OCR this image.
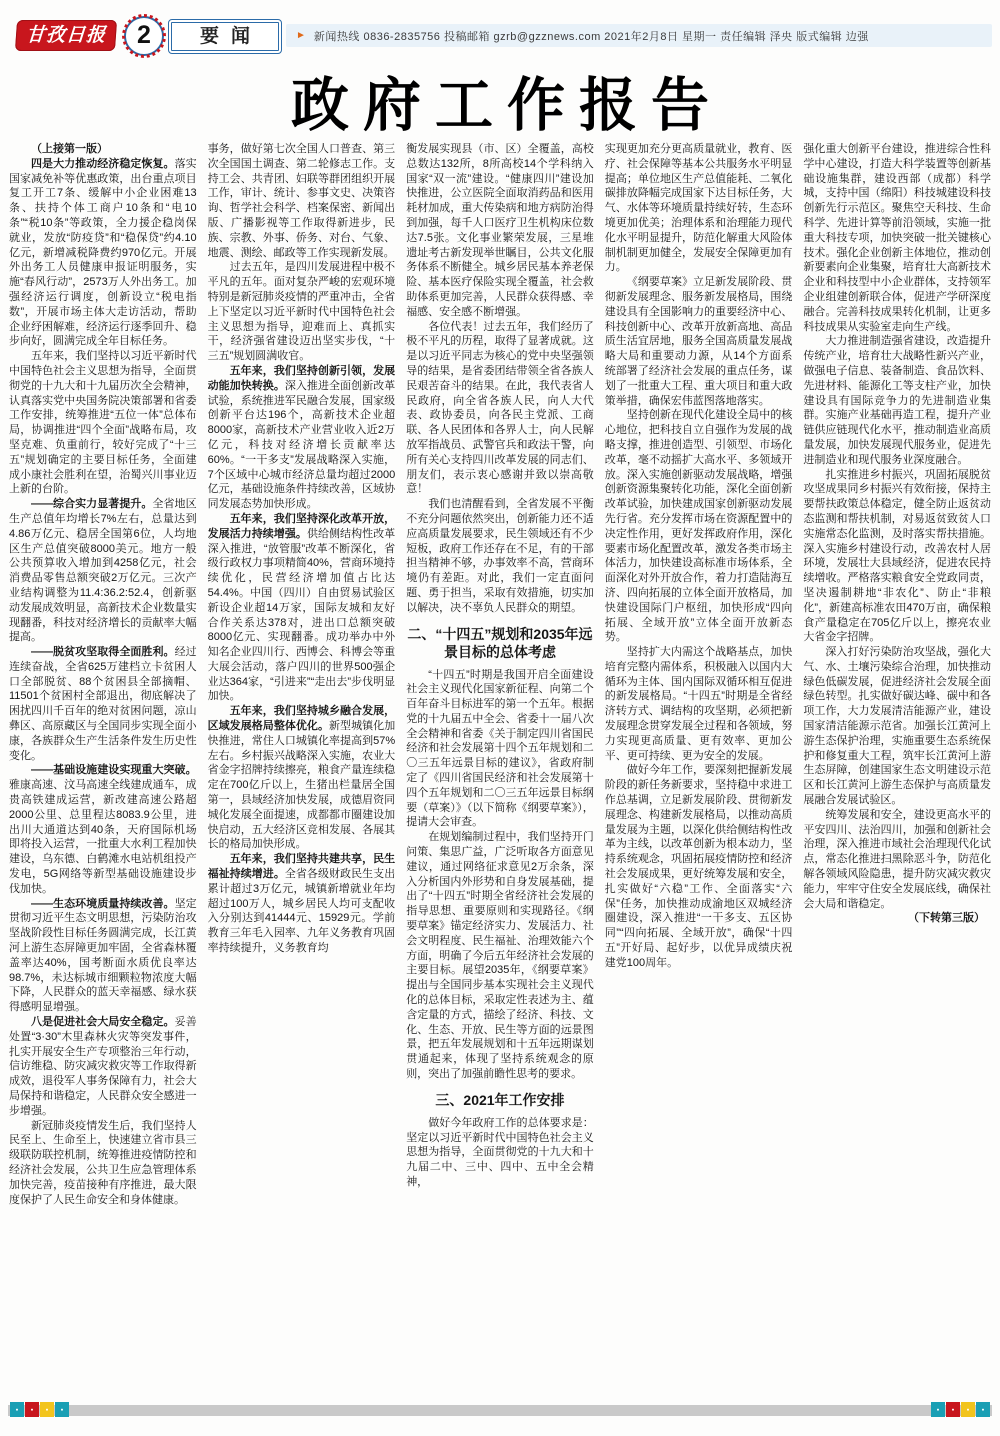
甘孜日报	2	要闻	► 新闻热线 0836-2835756 投稿邮箱 gzrb@gzznews.com 2021年2月8日 星期一 责任编辑 泽央 版式编辑 边强
政府工作报告

（上接第一版）

四是大力推动经济稳定恢复。落实国家减免补等优惠政策，出台重点项目复工开工7条、缓解中小企业困难13条、扶持个体工商户10条和“电10条”“税10条”等政策，全力援企稳岗保就业，发放“防疫贷”和“稳保贷”约4.10亿元，新增减税降费约970亿元。开展外出务工人员健康申报证明服务，实施“春风行动”，2573万人外出务工。加强经济运行调度，创新设立“税电指数”，开展市场主体大走访活动，帮助企业纾困解难，经济运行逐季回升、稳步向好，圆满完成全年目标任务。

五年来，我们坚持以习近平新时代中国特色社会主义思想为指导，全面贯彻党的十九大和十九届历次全会精神，认真落实党中央国务院决策部署和省委工作安排，统筹推进“五位一体”总体布局，协调推进“四个全面”战略布局，攻坚克难、负重前行，较好完成了“十三五”规划确定的主要目标任务，全面建成小康社会胜利在望，治蜀兴川事业迈上新的台阶。

——综合实力显著提升。全省地区生产总值年均增长7%左右，总量达到4.86万亿元、稳居全国第6位，人均地区生产总值突破8000美元。地方一般公共预算收入增加到4258亿元，社会消费品零售总额突破2万亿元。三次产业结构调整为11.4:36.2:52.4，创新驱动发展成效明显，高新技术企业数量实现翻番，科技对经济增长的贡献率大幅提高。

——脱贫攻坚取得全面胜利。经过连续奋战，全省625万建档立卡贫困人口全部脱贫、88个贫困县全部摘帽、11501个贫困村全部退出，彻底解决了困扰四川千百年的绝对贫困问题，凉山彝区、高原藏区与全国同步实现全面小康，各族群众生产生活条件发生历史性变化。

——基础设施建设实现重大突破。雅康高速、汶马高速全线建成通车，成贵高铁建成运营，新改建高速公路超2000公里、总里程达8083.9公里，进出川大通道达到40条，天府国际机场即将投入运营，一批重大水利工程加快建设，乌东德、白鹤滩水电站机组投产发电，5G网络等新型基础设施建设步伐加快。

——生态环境质量持续改善。坚定贯彻习近平生态文明思想，污染防治攻坚战阶段性目标任务圆满完成，长江黄河上游生态屏障更加牢固，全省森林覆盖率达40%，国考断面水质优良率达98.7%，未达标城市细颗粒物浓度大幅下降，人民群众的蓝天幸福感、绿水获得感明显增强。

八是促进社会大局安全稳定。妥善处置“3·30”木里森林火灾等突发事件，扎实开展安全生产专项整治三年行动，信访维稳、防灾减灾救灾等工作取得新成效，退役军人事务保障有力，社会大局保持和谐稳定，人民群众安全感进一步增强。

新冠肺炎疫情发生后，我们坚持人民至上、生命至上，快速建立省市县三级联防联控机制，统筹推进疫情防控和经济社会发展，公共卫生应急管理体系加快完善，疫苗接种有序推进，最大限度保护了人民生命安全和身体健康。

事务，做好第七次全国人口普查、第三次全国国土调查、第二轮修志工作。支持工会、共青团、妇联等群团组织开展工作，审计、统计、参事文史、决策咨询、哲学社会科学、档案保密、新闻出版、广播影视等工作取得新进步，民族、宗教、外事、侨务、对台、气象、地震、测绘、邮政等工作实现新发展。

过去五年，是四川发展进程中极不平凡的五年。面对复杂严峻的宏观环境特别是新冠肺炎疫情的严重冲击，全省上下坚定以习近平新时代中国特色社会主义思想为指导，迎难而上、真抓实干，经济强省建设迈出坚实步伐，“十三五”规划圆满收官。

五年来，我们坚持创新引领，发展动能加快转换。深入推进全面创新改革试验，系统推进军民融合发展，国家级创新平台达196个，高新技术企业超8000家，高新技术产业营业收入近2万亿元，科技对经济增长贡献率达60%。“一干多支”发展战略深入实施，7个区域中心城市经济总量均超过2000亿元，基础设施条件持续改善，区域协同发展态势加快形成。

五年来，我们坚持深化改革开放，发展活力持续增强。供给侧结构性改革深入推进，“放管服”改革不断深化，省级行政权力事项精简40%，营商环境持续优化，民营经济增加值占比达54.4%。中国（四川）自由贸易试验区新设企业超14万家，国际友城和友好合作关系达378对，进出口总额突破8000亿元、实现翻番。成功举办中外知名企业四川行、西博会、科博会等重大展会活动，落户四川的世界500强企业达364家，“引进来”“走出去”步伐明显加快。

五年来，我们坚持城乡融合发展，区域发展格局整体优化。新型城镇化加快推进，常住人口城镇化率提高到57%左右。乡村振兴战略深入实施，农业大省金字招牌持续擦亮，粮食产量连续稳定在700亿斤以上，生猪出栏量居全国第一，县域经济加快发展，成德眉资同城化发展全面提速，成都都市圈建设加快启动，五大经济区竞相发展、各展其长的格局加快形成。

五年来，我们坚持共建共享，民生福祉持续增进。全省各级财政民生支出累计超过3万亿元，城镇新增就业年均超过100万人，城乡居民人均可支配收入分别达到41444元、15929元。学前教育三年毛入园率、九年义务教育巩固率持续提升，义务教育均

衡发展实现县（市、区）全覆盖，高校总数达132所，8所高校14个学科纳入国家“双一流”建设。“健康四川”建设加快推进，公立医院全面取消药品和医用耗材加成，重大传染病和地方病防治得到加强，每千人口医疗卫生机构床位数达7.5张。文化事业繁荣发展，三星堆遗址考古新发现举世瞩目，公共文化服务体系不断健全。城乡居民基本养老保险、基本医疗保险实现全覆盖，社会救助体系更加完善，人民群众获得感、幸福感、安全感不断增强。

各位代表！过去五年，我们经历了极不平凡的历程，取得了显著成就。这是以习近平同志为核心的党中央坚强领导的结果，是省委团结带领全省各族人民艰苦奋斗的结果。在此，我代表省人民政府，向全省各族人民，向人大代表、政协委员，向各民主党派、工商联、各人民团体和各界人士，向人民解放军指战员、武警官兵和政法干警，向所有关心支持四川改革发展的同志们、朋友们，表示衷心感谢并致以崇高敬意！

我们也清醒看到，全省发展不平衡不充分问题依然突出，创新能力还不适应高质量发展要求，民生领域还有不少短板，政府工作还存在不足，有的干部担当精神不够，办事效率不高，营商环境仍有差距。对此，我们一定直面问题、勇于担当，采取有效措施，切实加以解决，决不辜负人民群众的期望。

二、“十四五”规划和2035年远景目标的总体考虑

“十四五”时期是我国开启全面建设社会主义现代化国家新征程、向第二个百年奋斗目标进军的第一个五年。根据党的十九届五中全会、省委十一届八次全会精神和省委《关于制定四川省国民经济和社会发展第十四个五年规划和二〇三五年远景目标的建议》，省政府制定了《四川省国民经济和社会发展第十四个五年规划和二〇三五年远景目标纲要（草案）》（以下简称《纲要草案》），提请大会审查。

在规划编制过程中，我们坚持开门问策、集思广益，广泛听取各方面意见建议，通过网络征求意见2万余条，深入分析国内外形势和自身发展基础，提出了“十四五”时期全省经济社会发展的指导思想、重要原则和实现路径。《纲要草案》锚定经济实力、发展活力、社会文明程度、民生福祉、治理效能六个方面，明确了今后五年经济社会发展的主要目标。展望2035年，《纲要草案》提出与全国同步基本实现社会主义现代化的总体目标，采取定性表述为主、蕴含定量的方式，描绘了经济、科技、文化、生态、开放、民生等方面的远景图景，把五年发展规划和十五年远期谋划贯通起来，体现了坚持系统观念的原则，突出了加强前瞻性思考的要求。

三、2021年工作安排

做好今年政府工作的总体要求是：坚定以习近平新时代中国特色社会主义思想为指导，全面贯彻党的十九大和十九届二中、三中、四中、五中全会精神，

实现更加充分更高质量就业，教育、医疗、社会保障等基本公共服务水平明显提高；单位地区生产总值能耗、二氧化碳排放降幅完成国家下达目标任务，大气、水体等环境质量持续好转，生态环境更加优美；治理体系和治理能力现代化水平明显提升，防范化解重大风险体制机制更加健全，发展安全保障更加有力。

《纲要草案》立足新发展阶段、贯彻新发展理念、服务新发展格局，围绕建设具有全国影响力的重要经济中心、科技创新中心、改革开放新高地、高品质生活宜居地，服务全国高质量发展战略大局和重要动力源，从14个方面系统部署了经济社会发展的重点任务，谋划了一批重大工程、重大项目和重大政策举措，确保宏伟蓝图落地落实。

坚持创新在现代化建设全局中的核心地位，把科技自立自强作为发展的战略支撑，推进创造型、引领型、市场化改革，毫不动摇扩大高水平、多领域开放。深入实施创新驱动发展战略，增强创新资源集聚转化功能，深化全面创新改革试验，加快建成国家创新驱动发展先行省。充分发挥市场在资源配置中的决定性作用，更好发挥政府作用，深化要素市场化配置改革，激发各类市场主体活力，加快建设高标准市场体系，全面深化对外开放合作，着力打造陆海互济、四向拓展的立体全面开放格局，加快建设国际门户枢纽，加快形成“四向拓展、全域开放”立体全面开放新态势。

坚持扩大内需这个战略基点，加快培育完整内需体系，积极融入以国内大循环为主体、国内国际双循环相互促进的新发展格局。“十四五”时期是全省经济转方式、调结构的攻坚期，必须把新发展理念贯穿发展全过程和各领域，努力实现更高质量、更有效率、更加公平、更可持续、更为安全的发展。

做好今年工作，要深刻把握新发展阶段的新任务新要求，坚持稳中求进工作总基调，立足新发展阶段、贯彻新发展理念、构建新发展格局，以推动高质量发展为主题，以深化供给侧结构性改革为主线，以改革创新为根本动力，坚持系统观念，巩固拓展疫情防控和经济社会发展成果，更好统筹发展和安全，扎实做好“六稳”工作、全面落实“六保”任务，加快推动成渝地区双城经济圈建设，深入推进“一干多支、五区协同”“四向拓展、全域开放”，确保“十四五”开好局、起好步，以优异成绩庆祝建党100周年。

强化重大创新平台建设，推进综合性科学中心建设，打造大科学装置等创新基础设施集群，建设西部（成都）科学城，支持中国（绵阳）科技城建设科技创新先行示范区。聚焦空天科技、生命科学、先进计算等前沿领域，实施一批重大科技专项，加快突破一批关键核心技术。强化企业创新主体地位，推动创新要素向企业集聚，培育壮大高新技术企业和科技型中小企业群体，支持领军企业组建创新联合体，促进产学研深度融合。完善科技成果转化机制，让更多科技成果从实验室走向生产线。

大力推进制造强省建设，改造提升传统产业，培育壮大战略性新兴产业，做强电子信息、装备制造、食品饮料、先进材料、能源化工等支柱产业，加快建设具有国际竞争力的先进制造业集群。实施产业基础再造工程，提升产业链供应链现代化水平，推动制造业高质量发展，加快发展现代服务业，促进先进制造业和现代服务业深度融合。

扎实推进乡村振兴，巩固拓展脱贫攻坚成果同乡村振兴有效衔接，保持主要帮扶政策总体稳定，健全防止返贫动态监测和帮扶机制，对易返贫致贫人口实施常态化监测，及时落实帮扶措施。深入实施乡村建设行动，改善农村人居环境，发展壮大县域经济，促进农民持续增收。严格落实粮食安全党政同责，坚决遏制耕地“非农化”、防止“非粮化”，新建高标准农田470万亩，确保粮食产量稳定在705亿斤以上，擦亮农业大省金字招牌。

深入打好污染防治攻坚战，强化大气、水、土壤污染综合治理，加快推动绿色低碳发展，促进经济社会发展全面绿色转型。扎实做好碳达峰、碳中和各项工作，大力发展清洁能源产业，建设国家清洁能源示范省。加强长江黄河上游生态保护治理，实施重要生态系统保护和修复重大工程，筑牢长江黄河上游生态屏障，创建国家生态文明建设示范区和长江黄河上游生态保护与高质量发展融合发展试验区。

统筹发展和安全，建设更高水平的平安四川、法治四川，加强和创新社会治理，深入推进市域社会治理现代化试点，常态化推进扫黑除恶斗争，防范化解各领域风险隐患，提升防灾减灾救灾能力，牢牢守住安全发展底线，确保社会大局和谐稳定。

（下转第三版）

᭼	᭼	᭼	᭼	᭼	᭼	᭼	᭼
